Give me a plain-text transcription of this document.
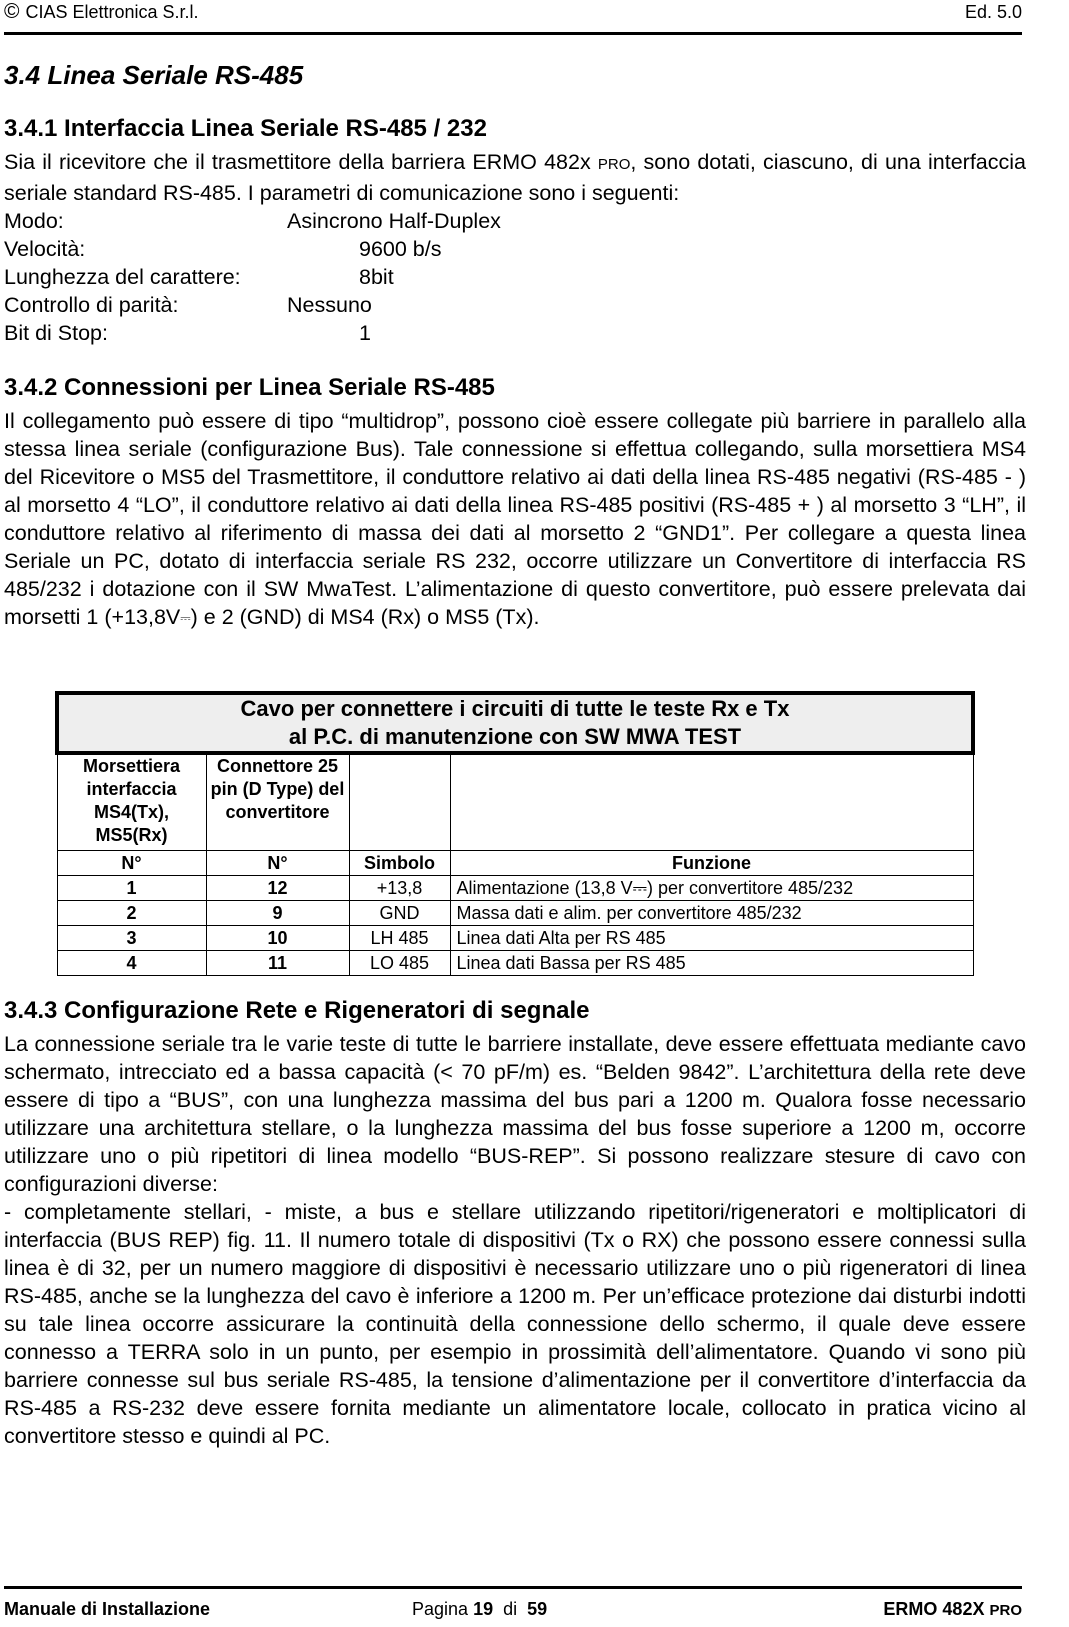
© CIAS Elettronica S.r.l.	Ed. 5.0
3.4 Linea Seriale RS-485
3.4.1 Interfaccia Linea Seriale RS-485 / 232

Sia il ricevitore che il trasmettitore della barriera ERMO 482x PRO, sono dotati, ciascuno, di una interfaccia seriale standard RS-485. I parametri di comunicazione sono i seguenti:

Modo:	Asincrono Half-Duplex
Velocità:	9600 b/s
Lunghezza del carattere:	8bit
Controllo di parità:	Nessuno
Bit di Stop:	1
3.4.2 Connessioni per Linea Seriale RS-485

Il collegamento può essere di tipo “multidrop”, possono cioè essere collegate più barriere in parallelo alla stessa linea seriale (configurazione Bus). Tale connessione si effettua collegando, sulla morsettiera MS4 del Ricevitore o MS5 del Trasmettitore, il conduttore relativo ai dati della linea RS-485 negativi (RS-485 - ) al morsetto 4 “LO”, il conduttore relativo ai dati della linea RS-485 positivi (RS-485 + ) al morsetto 3 “LH”, il conduttore relativo al riferimento di massa dei dati al morsetto 2 “GND1”. Per collegare a questa linea Seriale un PC, dotato di interfaccia seriale RS 232, occorre utilizzare un Convertitore di interfaccia RS 485/232 i dotazione con il SW MwaTest. L’alimentazione di questo convertitore, può essere prelevata dai morsetti 1 (+13,8V⎓) e 2 (GND) di MS4 (Rx) o MS5 (Tx).

Cavo per connettere i circuiti di tutte le teste Rx e Tx
al P.C. di manutenzione con SW MWA TEST			

Morsettiera interfaccia MS4(Tx), MS5(Rx)	Connettore 25 pin (D Type) del convertitore		
N°	N°	Simbolo	Funzione
1	12	+13,8	Alimentazione (13,8 V⎓) per convertitore 485/232
2	9	GND	Massa dati e alim. per convertitore 485/232
3	10	LH 485	Linea dati Alta per RS 485
4	11	LO 485	Linea dati Bassa per RS 485
3.4.3 Configurazione Rete e Rigeneratori di segnale

La connessione seriale tra le varie teste di tutte le barriere installate, deve essere effettuata mediante cavo schermato, intrecciato ed a bassa capacità (< 70 pF/m) es. “Belden 9842”. L’architettura della rete deve essere di tipo a “BUS”, con una lunghezza massima del bus pari a 1200 m. Qualora fosse necessario utilizzare una architettura stellare, o la lunghezza massima del bus fosse superiore a 1200 m, occorre utilizzare uno o più ripetitori di linea modello “BUS-REP”. Si possono realizzare stesure di cavo con configurazioni diverse:

- completamente stellari, - miste, a bus e stellare utilizzando ripetitori/rigeneratori e moltiplicatori di interfaccia (BUS REP) fig. 11. Il numero totale di dispositivi (Tx o RX) che possono essere connessi sulla linea è di 32, per un numero maggiore di dispositivi è necessario utilizzare uno o più rigeneratori di linea RS-485, anche se la lunghezza del cavo è inferiore a 1200 m. Per un’efficace protezione dai disturbi indotti su tale linea occorre assicurare la continuità della connessione dello schermo, il quale deve essere connesso a TERRA solo in un punto, per esempio in prossimità dell’alimentatore. Quando vi sono più barriere connesse sul bus seriale RS-485, la tensione d’alimentazione per il convertitore d’interfaccia da RS-485 a RS-232 deve essere fornita mediante un alimentatore locale, collocato in pratica vicino al convertitore stesso e quindi al PC.

Manuale di Installazione	Pagina 19 di 59	ERMO 482X PRO
